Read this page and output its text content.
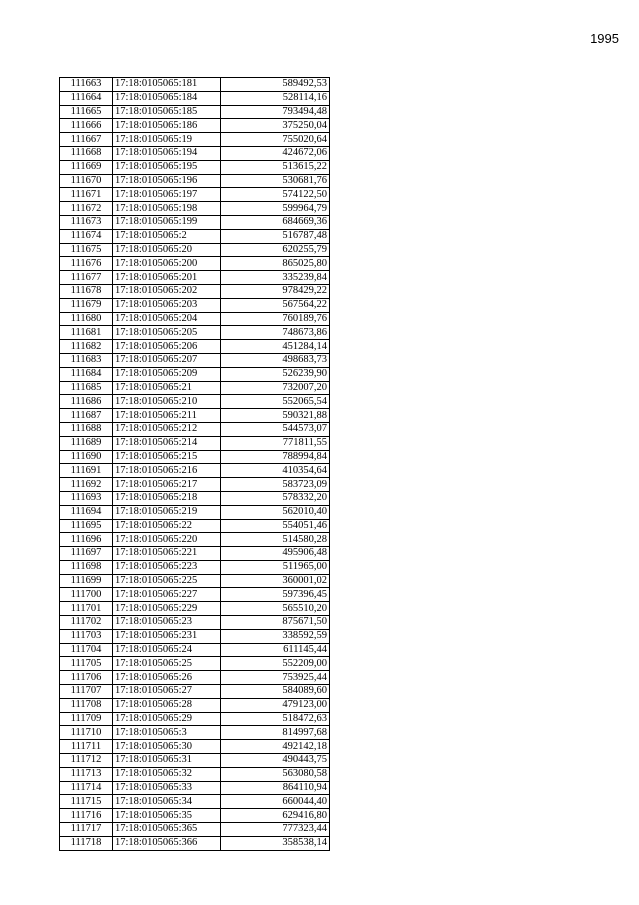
1995
111663	17:18:0105065:181	589492,53
111664	17:18:0105065:184	528114,16
111665	17:18:0105065:185	793494,48
111666	17:18:0105065:186	375250,04
111667	17:18:0105065:19	755020,64
111668	17:18:0105065:194	424672,06
111669	17:18:0105065:195	513615,22
111670	17:18:0105065:196	530681,76
111671	17:18:0105065:197	574122,50
111672	17:18:0105065:198	599964,79
111673	17:18:0105065:199	684669,36
111674	17:18:0105065:2	516787,48
111675	17:18:0105065:20	620255,79
111676	17:18:0105065:200	865025,80
111677	17:18:0105065:201	335239,84
111678	17:18:0105065:202	978429,22
111679	17:18:0105065:203	567564,22
111680	17:18:0105065:204	760189,76
111681	17:18:0105065:205	748673,86
111682	17:18:0105065:206	451284,14
111683	17:18:0105065:207	498683,73
111684	17:18:0105065:209	526239,90
111685	17:18:0105065:21	732007,20
111686	17:18:0105065:210	552065,54
111687	17:18:0105065:211	590321,88
111688	17:18:0105065:212	544573,07
111689	17:18:0105065:214	771811,55
111690	17:18:0105065:215	788994,84
111691	17:18:0105065:216	410354,64
111692	17:18:0105065:217	583723,09
111693	17:18:0105065:218	578332,20
111694	17:18:0105065:219	562010,40
111695	17:18:0105065:22	554051,46
111696	17:18:0105065:220	514580,28
111697	17:18:0105065:221	495906,48
111698	17:18:0105065:223	511965,00
111699	17:18:0105065:225	360001,02
111700	17:18:0105065:227	597396,45
111701	17:18:0105065:229	565510,20
111702	17:18:0105065:23	875671,50
111703	17:18:0105065:231	338592,59
111704	17:18:0105065:24	611145,44
111705	17:18:0105065:25	552209,00
111706	17:18:0105065:26	753925,44
111707	17:18:0105065:27	584089,60
111708	17:18:0105065:28	479123,00
111709	17:18:0105065:29	518472,63
111710	17:18:0105065:3	814997,68
111711	17:18:0105065:30	492142,18
111712	17:18:0105065:31	490443,75
111713	17:18:0105065:32	563080,58
111714	17:18:0105065:33	864110,94
111715	17:18:0105065:34	660044,40
111716	17:18:0105065:35	629416,80
111717	17:18:0105065:365	777323,44
111718	17:18:0105065:366	358538,14
